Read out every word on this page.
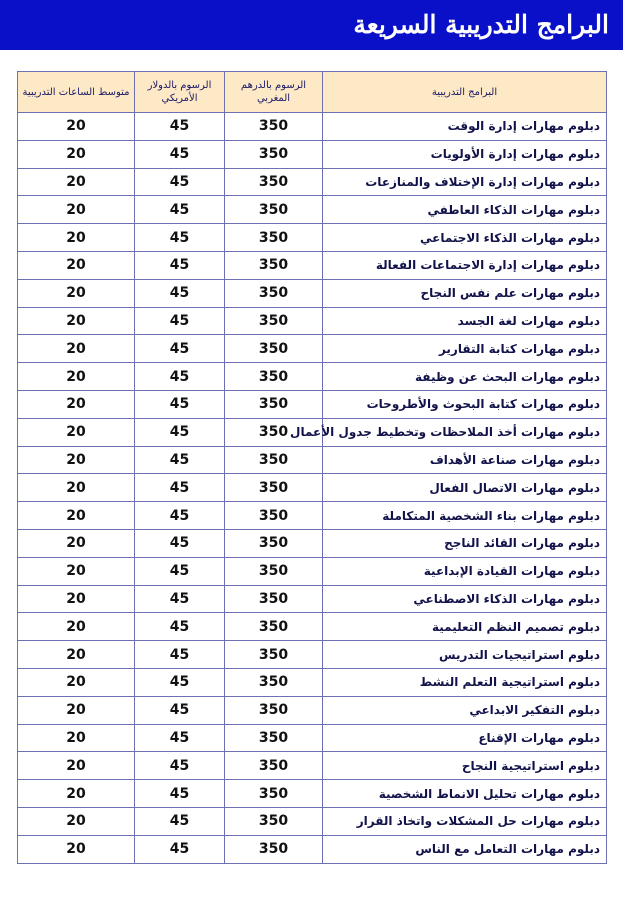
البرامج التدريبية السريعة
البرامج التدريبية	الرسوم بالدرهم المغربي	الرسوم بالدولار الأمريكي	متوسط الساعات التدريبية
دبلوم مهارات إدارة الوقت	350	45	20
دبلوم مهارات إدارة الأولويات	350	45	20
دبلوم مهارات إدارة الإختلاف والمنازعات	350	45	20
دبلوم مهارات الذكاء العاطفي	350	45	20
دبلوم مهارات الذكاء الاجتماعي	350	45	20
دبلوم مهارات إدارة الاجتماعات الفعالة	350	45	20
دبلوم مهارات علم نفس النجاح	350	45	20
دبلوم مهارات لغة الجسد	350	45	20
دبلوم مهارات كتابة التقارير	350	45	20
دبلوم مهارات البحث عن وظيفة	350	45	20
دبلوم مهارات كتابة البحوث والأطروحات	350	45	20
دبلوم مهارات أخذ الملاحظات وتخطيط جدول الأعمال	350	45	20
دبلوم مهارات صناعة الأهداف	350	45	20
دبلوم مهارات الاتصال الفعال	350	45	20
دبلوم مهارات بناء الشخصية المتكاملة	350	45	20
دبلوم مهارات القائد الناجح	350	45	20
دبلوم مهارات القيادة الإبداعية	350	45	20
دبلوم مهارات الذكاء الاصطناعي	350	45	20
دبلوم تصميم النظم التعليمية	350	45	20
دبلوم استراتيجيات التدريس	350	45	20
دبلوم استراتيجية التعلم النشط	350	45	20
دبلوم التفكير الابداعي	350	45	20
دبلوم مهارات الإقناع	350	45	20
دبلوم استراتيجية النجاح	350	45	20
دبلوم مهارات تحليل الانماط الشخصية	350	45	20
دبلوم مهارات حل المشكلات واتخاذ القرار	350	45	20
دبلوم مهارات التعامل مع الناس	350	45	20
